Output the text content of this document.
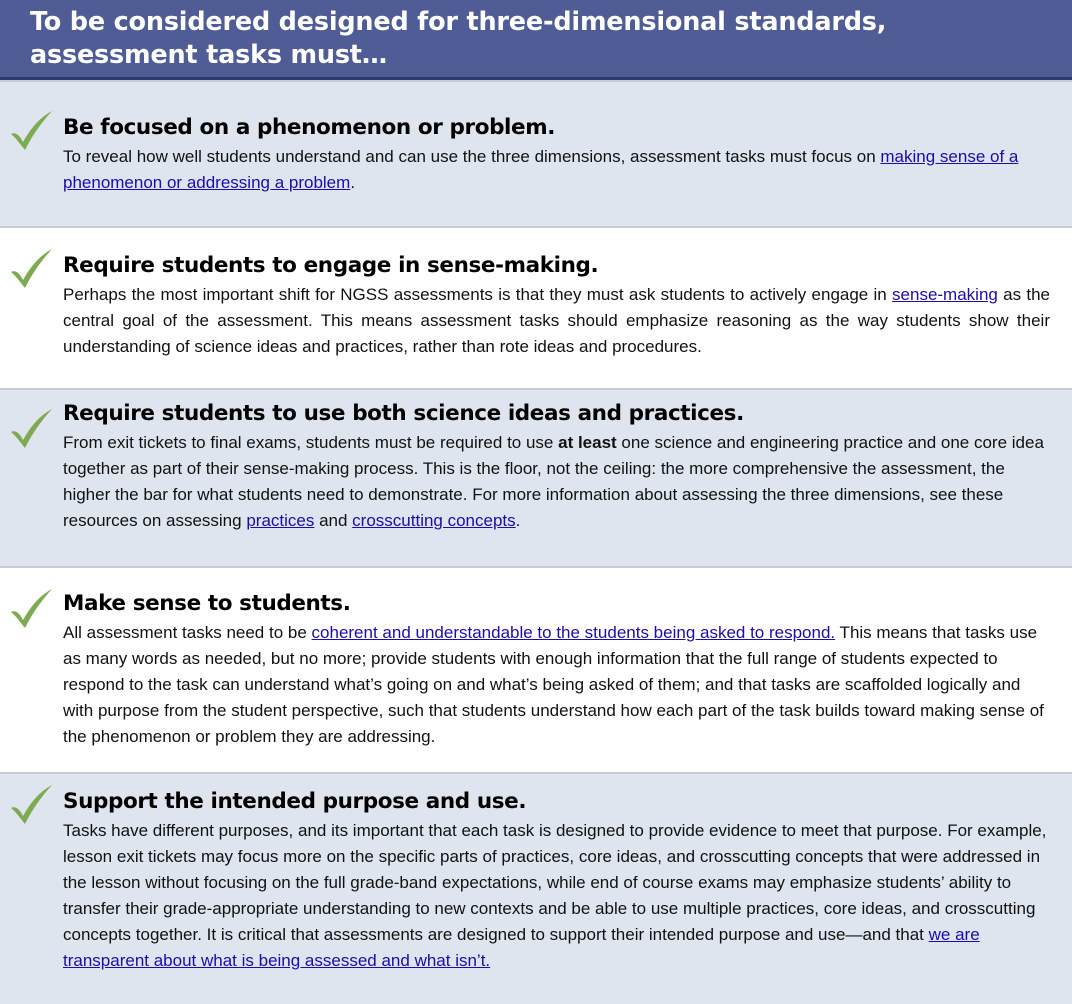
To be considered designed for three-dimensional standards, assessment tasks must…
Be focused on a phenomenon or problem.

To reveal how well students understand and can use the three dimensions, assessment tasks must focus on making sense of a phenomenon or addressing a problem.

Require students to engage in sense-making.

Perhaps the most important shift for NGSS assessments is that they must ask students to actively engage in sense-making as the central goal of the assessment. This means assessment tasks should emphasize reasoning as the way students show their understanding of science ideas and practices, rather than rote ideas and procedures.

Require students to use both science ideas and practices.

From exit tickets to final exams, students must be required to use at least one science and engineering practice and one core idea together as part of their sense-making process. This is the floor, not the ceiling: the more comprehensive the assessment, the higher the bar for what students need to demonstrate. For more information about assessing the three dimensions, see these resources on assessing practices and crosscutting concepts.

Make sense to students.

All assessment tasks need to be coherent and understandable to the students being asked to respond. This means that tasks use as many words as needed, but no more; provide students with enough information that the full range of students expected to respond to the task can understand what’s going on and what’s being asked of them; and that tasks are scaffolded logically and with purpose from the student perspective, such that students understand how each part of the task builds toward making sense of the phenomenon or problem they are addressing.

Support the intended purpose and use.

Tasks have different purposes, and its important that each task is designed to provide evidence to meet that purpose. For example, lesson exit tickets may focus more on the specific parts of practices, core ideas, and crosscutting concepts that were addressed in the lesson without focusing on the full grade-band expectations, while end of course exams may emphasize students’ ability to transfer their grade-appropriate understanding to new contexts and be able to use multiple practices, core ideas, and crosscutting concepts together. It is critical that assessments are designed to support their intended purpose and use—and that we are transparent about what is being assessed and what isn’t.
